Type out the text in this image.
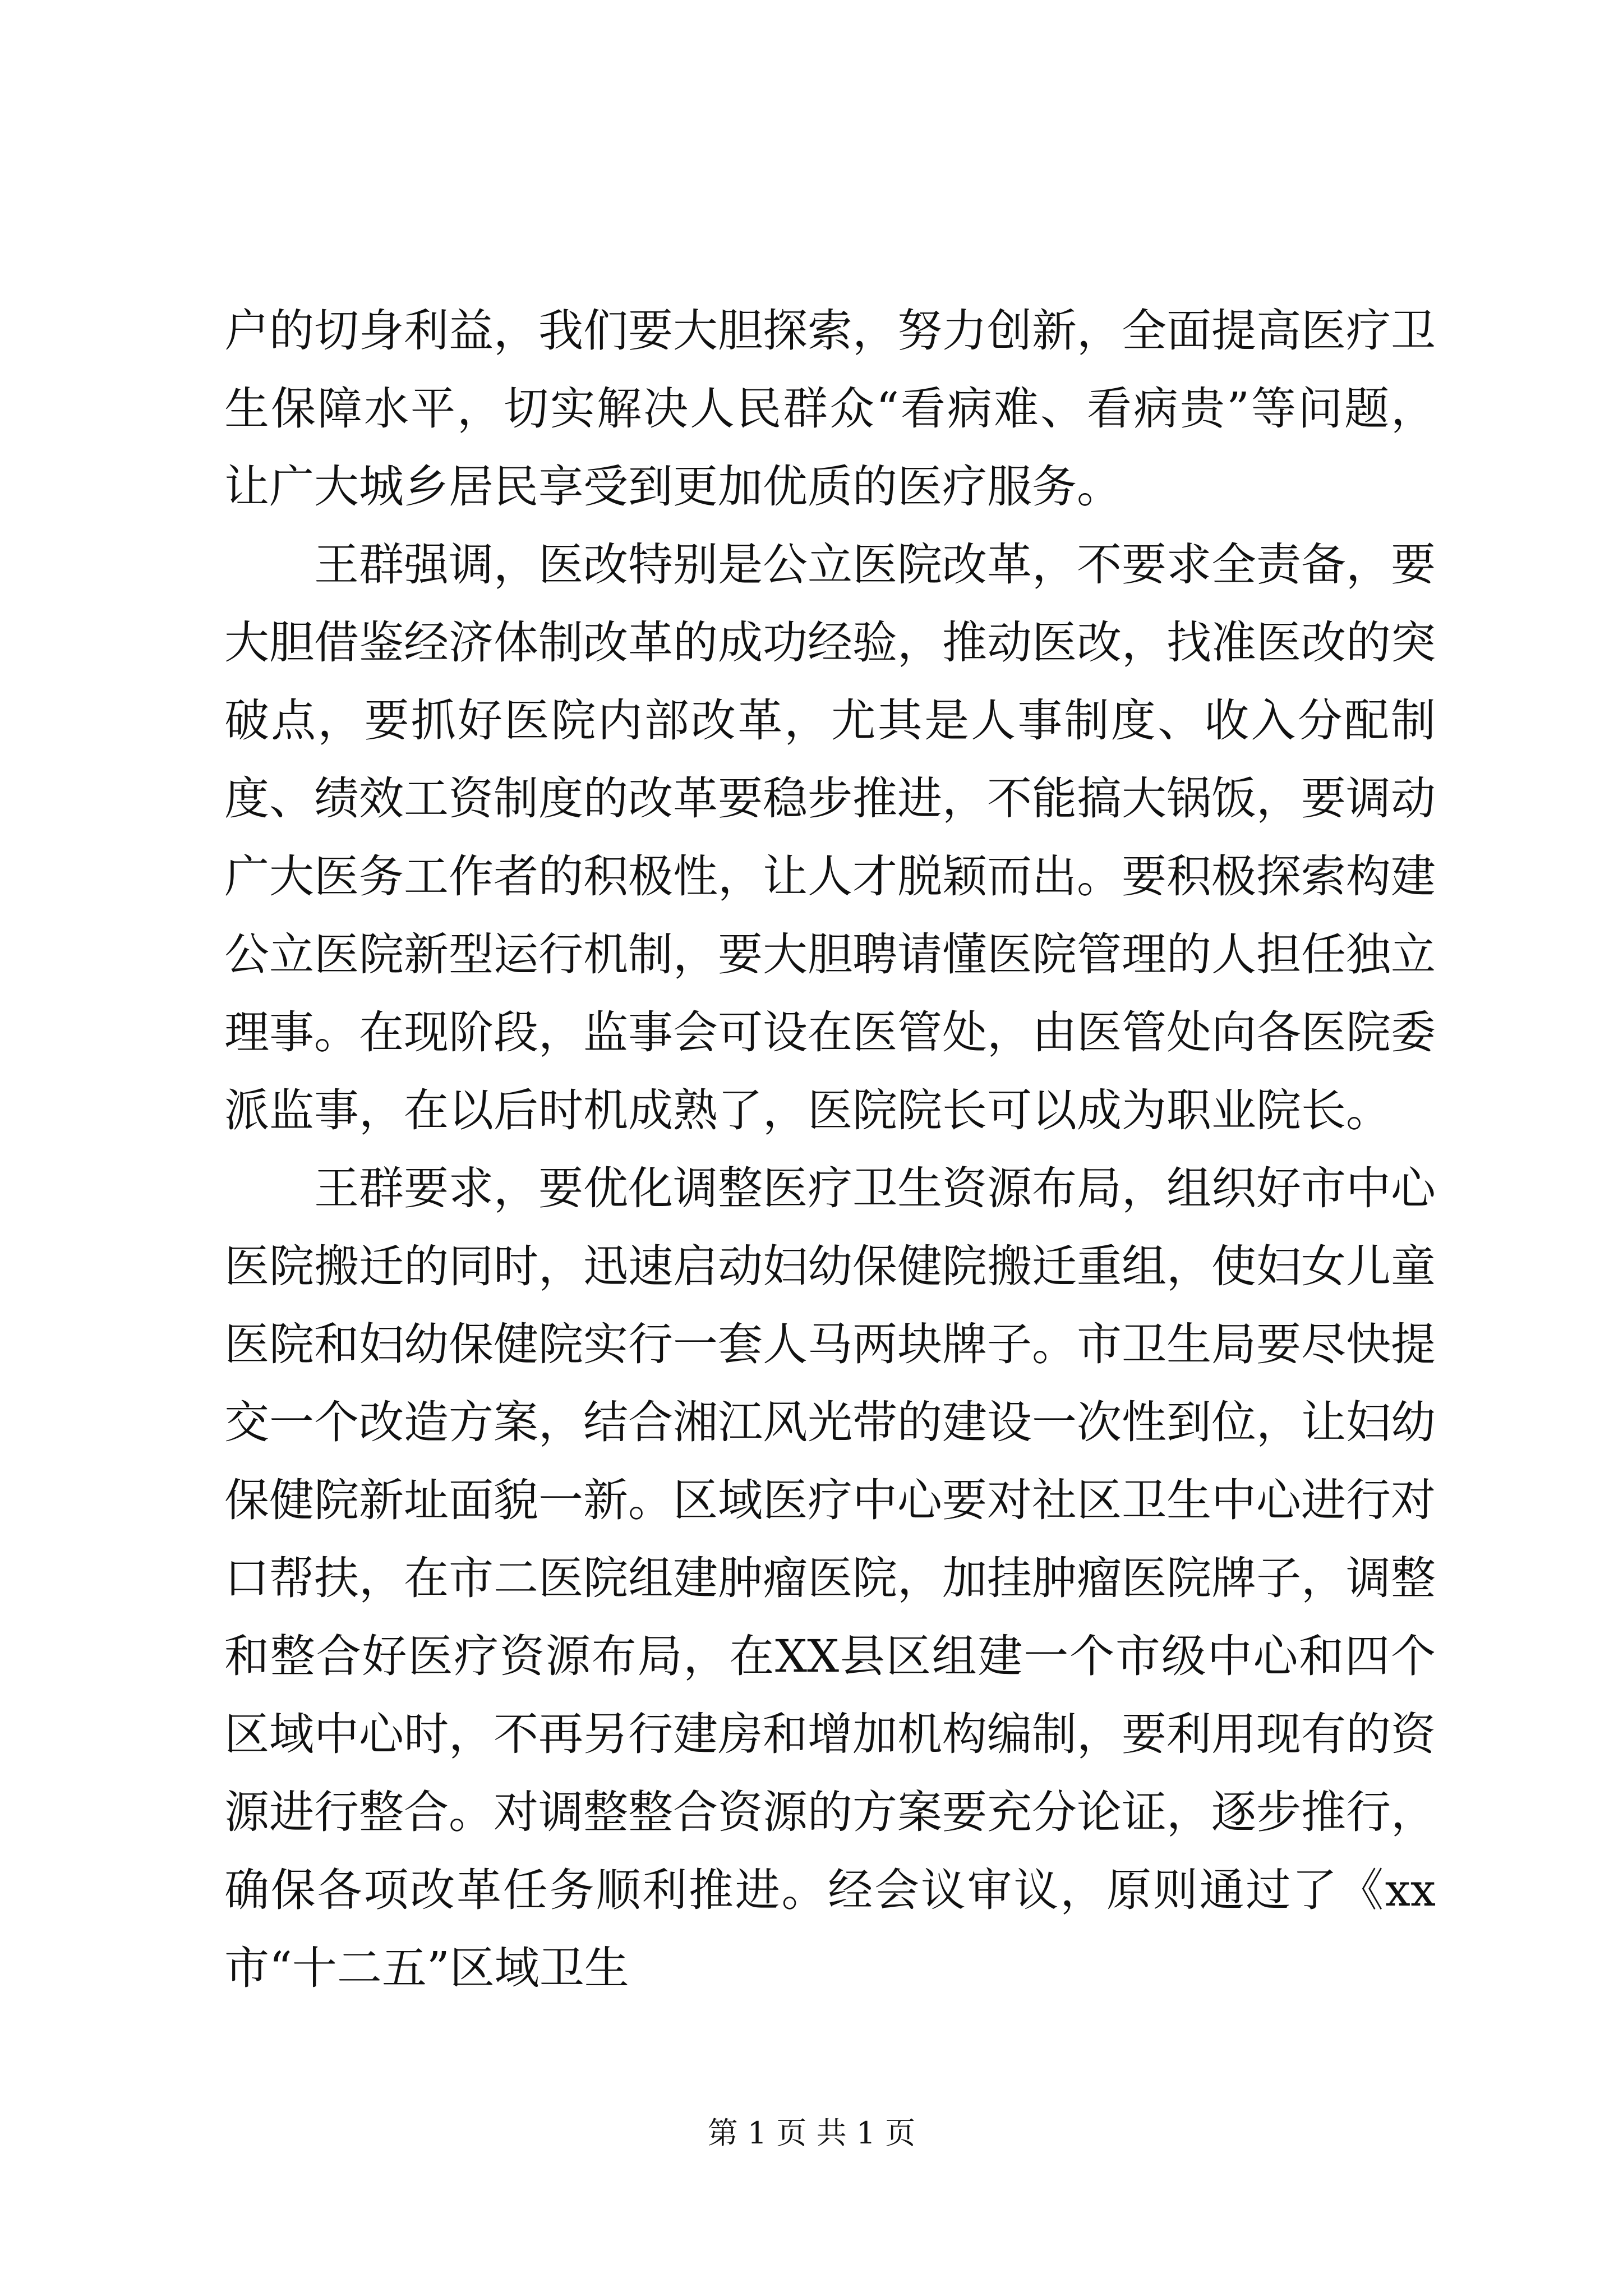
户的切身利益，我们要大胆探索，努力创新，全面提高医疗卫生保障水平，切实解决人民群众“看病难、看病贵”等问题，让广大城乡居民享受到更加优质的医疗服务。

王群强调，医改特别是公立医院改革，不要求全责备，要大胆借鉴经济体制改革的成功经验，推动医改，找准医改的突破点，要抓好医院内部改革，尤其是人事制度、收入分配制度、绩效工资制度的改革要稳步推进，不能搞大锅饭，要调动广大医务工作者的积极性，让人才脱颖而出。要积极探索构建公立医院新型运行机制，要大胆聘请懂医院管理的人担任独立理事。在现阶段，监事会可设在医管处，由医管处向各医院委派监事，在以后时机成熟了，医院院长可以成为职业院长。

王群要求，要优化调整医疗卫生资源布局，组织好市中心医院搬迁的同时，迅速启动妇幼保健院搬迁重组，使妇女儿童医院和妇幼保健院实行一套人马两块牌子。市卫生局要尽快提交一个改造方案，结合湘江风光带的建设一次性到位，让妇幼保健院新址面貌一新。区域医疗中心要对社区卫生中心进行对口帮扶，在市二医院组建肿瘤医院，加挂肿瘤医院牌子，调整和整合好医疗资源布局，在XX县区组建一个市级中心和四个区域中心时，不再另行建房和增加机构编制，要利用现有的资源进行整合。对调整整合资源的方案要充分论证，逐步推行，确保各项改革任务顺利推进。经会议审议，原则通过了《xx市“十二五”区域卫生

第 1 页 共 1 页
